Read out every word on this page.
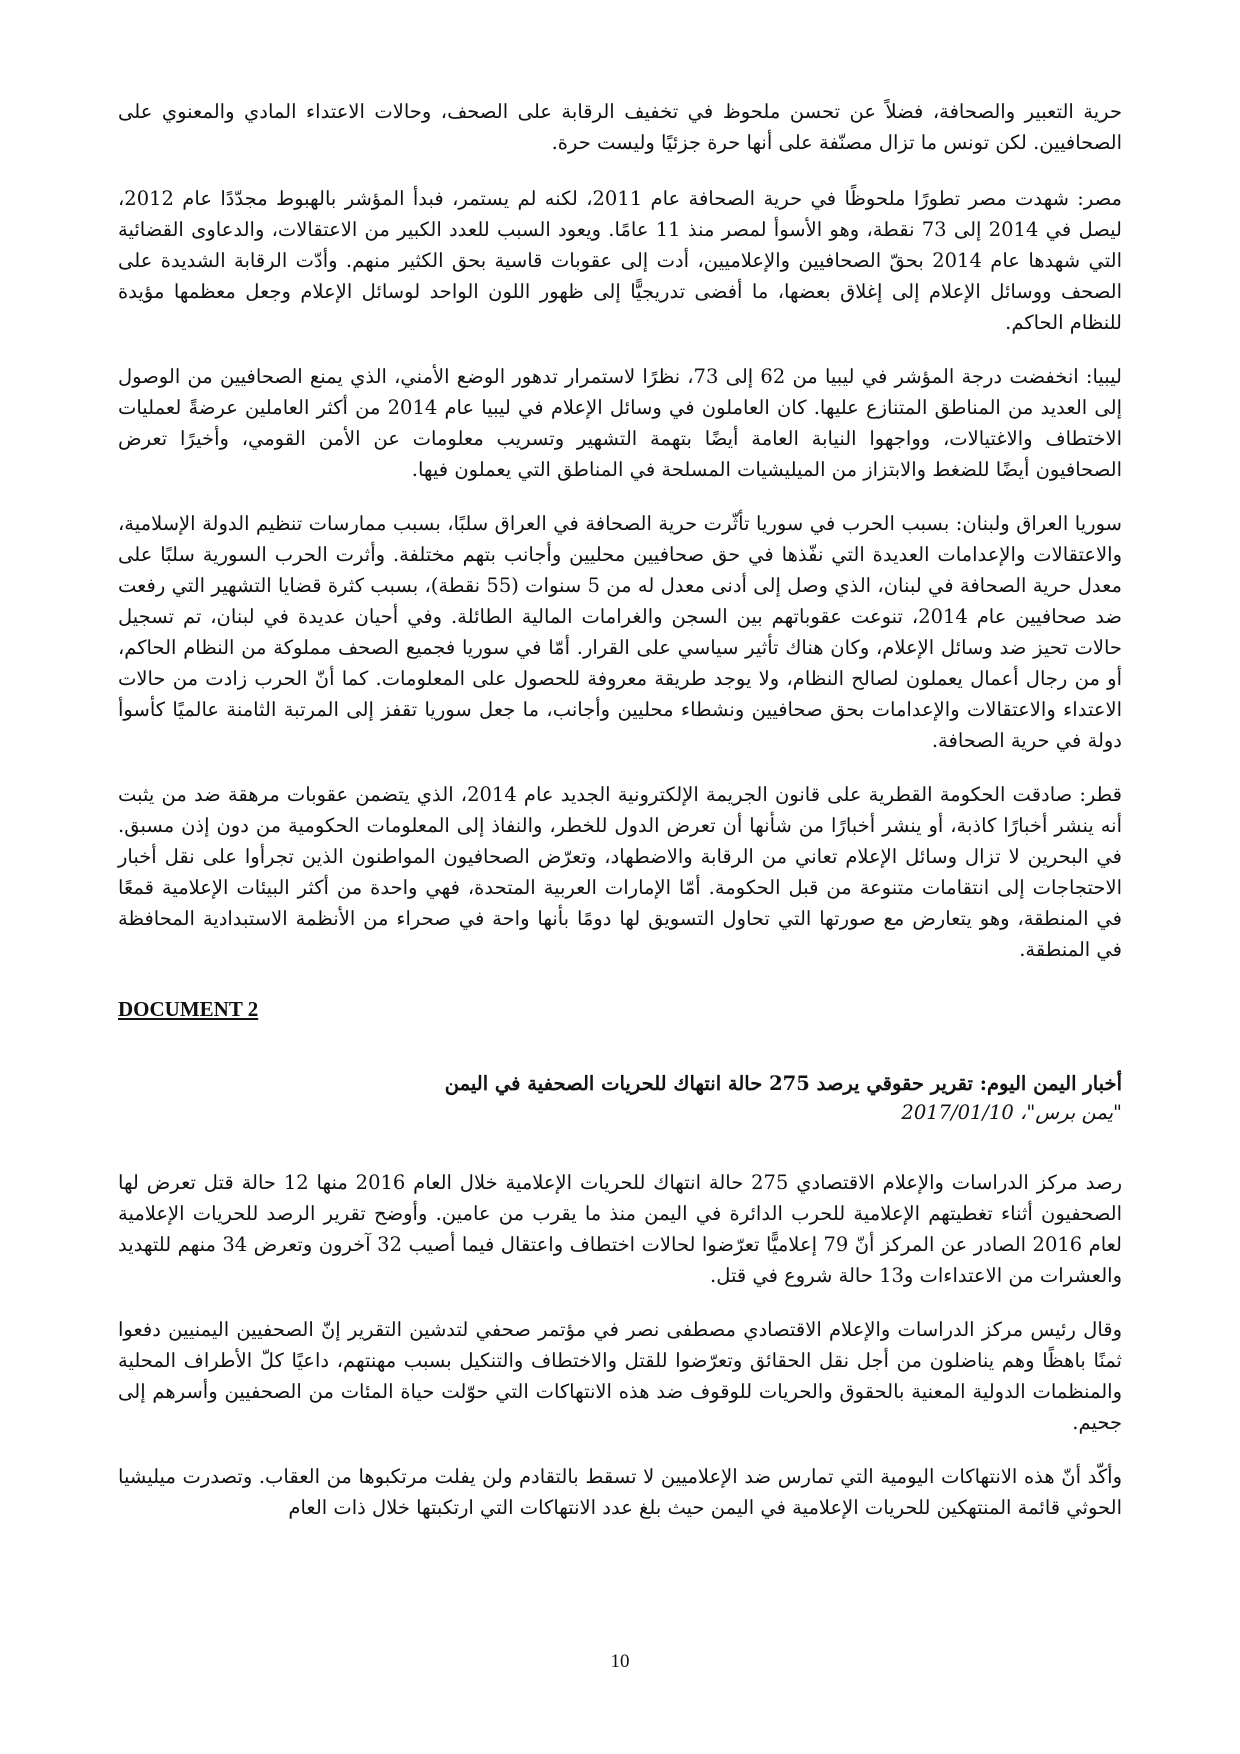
حرية التعبير والصحافة، فضلاً عن تحسن ملحوظ في تخفيف الرقابة على الصحف، وحالات الاعتداء المادي والمعنوي على الصحافيين. لكن تونس ما تزال مصنّفة على أنها حرة جزئيًا وليست حرة.

مصر: شهدت مصر تطورًا ملحوظًا في حرية الصحافة عام 2011، لكنه لم يستمر، فبدأ المؤشر بالهبوط مجدّدًا عام 2012، ليصل في 2014 إلى 73 نقطة، وهو الأسوأ لمصر منذ 11 عامًا. ويعود السبب للعدد الكبير من الاعتقالات، والدعاوى القضائية التي شهدها عام 2014 بحقّ الصحافيين والإعلاميين، أدت إلى عقوبات قاسية بحق الكثير منهم. وأدّت الرقابة الشديدة على الصحف ووسائل الإعلام إلى إغلاق بعضها، ما أفضى تدريجيًّا إلى ظهور اللون الواحد لوسائل الإعلام وجعل معظمها مؤيدة للنظام الحاكم.

ليبيا: انخفضت درجة المؤشر في ليبيا من 62 إلى 73، نظرًا لاستمرار تدهور الوضع الأمني، الذي يمنع الصحافيين من الوصول إلى العديد من المناطق المتنازع عليها. كان العاملون في وسائل الإعلام في ليبيا عام 2014 من أكثر العاملين عرضةً لعمليات الاختطاف والاغتيالات، وواجهوا النيابة العامة أيضًا بتهمة التشهير وتسريب معلومات عن الأمن القومي، وأخيرًا تعرض الصحافيون أيضًا للضغط والابتزاز من الميليشيات المسلحة في المناطق التي يعملون فيها.

سوريا العراق ولبنان: بسبب الحرب في سوريا تأثّرت حرية الصحافة في العراق سلبًا، بسبب ممارسات تنظيم الدولة الإسلامية، والاعتقالات والإعدامات العديدة التي نفّذها في حق صحافيين محليين وأجانب بتهم مختلفة. وأثرت الحرب السورية سلبًا على معدل حرية الصحافة في لبنان، الذي وصل إلى أدنى معدل له من 5 سنوات (55 نقطة)، بسبب كثرة قضايا التشهير التي رفعت ضد صحافيين عام 2014، تنوعت عقوباتهم بين السجن والغرامات المالية الطائلة. وفي أحيان عديدة في لبنان، تم تسجيل حالات تحيز ضد وسائل الإعلام، وكان هناك تأثير سياسي على القرار. أمّا في سوريا فجميع الصحف مملوكة من النظام الحاكم، أو من رجال أعمال يعملون لصالح النظام، ولا يوجد طريقة معروفة للحصول على المعلومات. كما أنّ الحرب زادت من حالات الاعتداء والاعتقالات والإعدامات بحق صحافيين ونشطاء محليين وأجانب، ما جعل سوريا تقفز إلى المرتبة الثامنة عالميًا كأسوأ دولة في حرية الصحافة.

قطر: صادقت الحكومة القطرية على قانون الجريمة الإلكترونية الجديد عام 2014، الذي يتضمن عقوبات مرهقة ضد من يثبت أنه ينشر أخبارًا كاذبة، أو ينشر أخبارًا من شأنها أن تعرض الدول للخطر، والنفاذ إلى المعلومات الحكومية من دون إذن مسبق. في البحرين لا تزال وسائل الإعلام تعاني من الرقابة والاضطهاد، وتعرّض الصحافيون المواطنون الذين تجرأوا على نقل أخبار الاحتجاجات إلى انتقامات متنوعة من قبل الحكومة. أمّا الإمارات العربية المتحدة، فهي واحدة من أكثر البيئات الإعلامية قمعًا في المنطقة، وهو يتعارض مع صورتها التي تحاول التسويق لها دومًا بأنها واحة في صحراء من الأنظمة الاستبدادية المحافظة في المنطقة.

DOCUMENT 2

أخبار اليمن اليوم: تقرير حقوقي يرصد 275 حالة انتهاك للحريات الصحفية في اليمن

"يمن برس"، 2017/01/10

رصد مركز الدراسات والإعلام الاقتصادي 275 حالة انتهاك للحريات الإعلامية خلال العام 2016 منها 12 حالة قتل تعرض لها الصحفيون أثناء تغطيتهم الإعلامية للحرب الدائرة في اليمن منذ ما يقرب من عامين. وأوضح تقرير الرصد للحريات الإعلامية لعام 2016 الصادر عن المركز أنّ 79 إعلاميًّا تعرّضوا لحالات اختطاف واعتقال فيما أصيب 32 آخرون وتعرض 34 منهم للتهديد والعشرات من الاعتداءات و13 حالة شروع في قتل.

وقال رئيس مركز الدراسات والإعلام الاقتصادي مصطفى نصر في مؤتمر صحفي لتدشين التقرير إنّ الصحفيين اليمنيين دفعوا ثمنًا باهظًا وهم يناضلون من أجل نقل الحقائق وتعرّضوا للقتل والاختطاف والتنكيل بسبب مهنتهم، داعيًا كلّ الأطراف المحلية والمنظمات الدولية المعنية بالحقوق والحريات للوقوف ضد هذه الانتهاكات التي حوّلت حياة المئات من الصحفيين وأسرهم إلى جحيم.

وأكّد أنّ هذه الانتهاكات اليومية التي تمارس ضد الإعلاميين لا تسقط بالتقادم ولن يفلت مرتكبوها من العقاب. وتصدرت ميليشيا الحوثي قائمة المنتهكين للحريات الإعلامية في اليمن حيث بلغ عدد الانتهاكات التي ارتكبتها خلال ذات العام

10
